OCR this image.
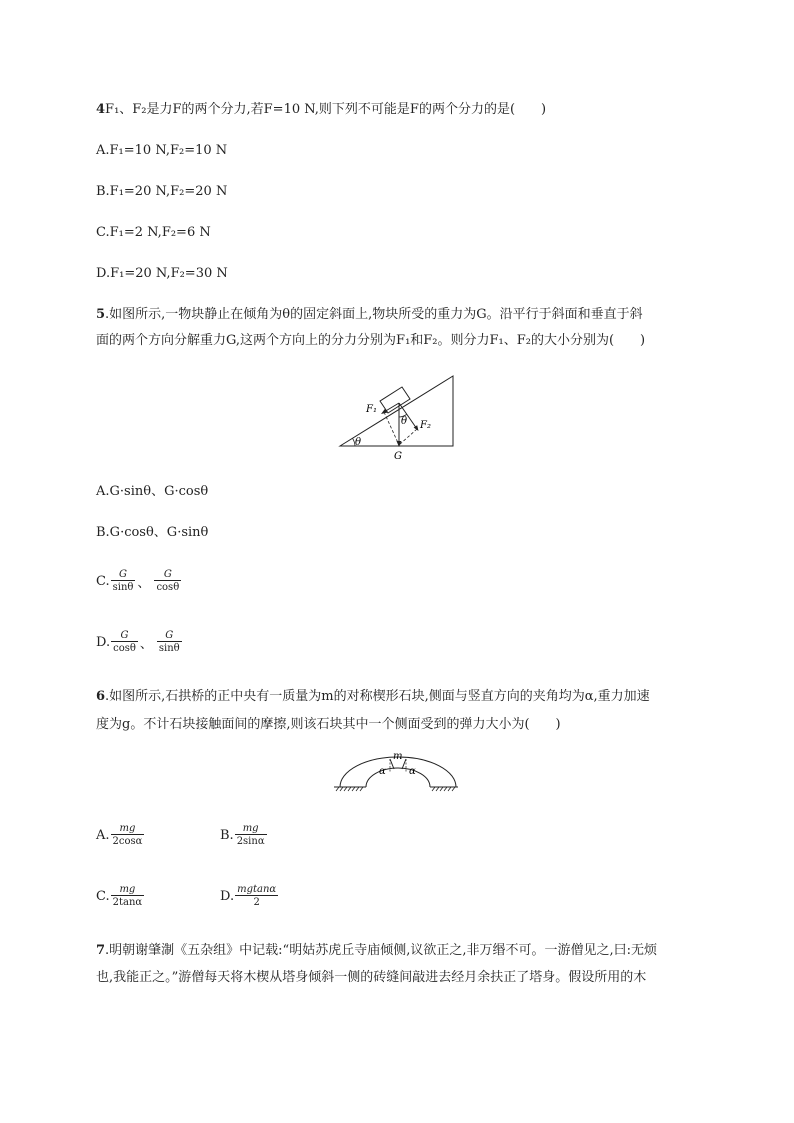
4F₁、F₂是力F的两个分力,若F=10 N,则下列不可能是F的两个分力的是(　　)
A.F₁=10 N,F₂=10 N
B.F₁=20 N,F₂=20 N
C.F₁=2 N,F₂=6 N
D.F₁=20 N,F₂=30 N
5.如图所示,一物块静止在倾角为θ的固定斜面上,物块所受的重力为G。沿平行于斜面和垂直于斜
面的两个方向分解重力G,这两个方向上的分力分别为F₁和F₂。则分力F₁、F₂的大小分别为(　　)
F₁
θ F₂
θ
G
A.G·sinθ、G·cosθ
B.G·cosθ、G·sinθ
C. $\frac{G}{\sin\theta}$ 、 $\frac{G}{\cos\theta}$
D. $\frac{G}{\cos\theta}$ 、 $\frac{G}{\sin\theta}$
6.如图所示,石拱桥的正中央有一质量为m的对称楔形石块,侧面与竖直方向的夹角均为α,重力加速
度为g。不计石块接触面间的摩擦,则该石块其中一个侧面受到的弹力大小为(　　)
m
α α
A. $\frac{mg}{2\cos\alpha}$	B. $\frac{mg}{2\sin\alpha}$
C. $\frac{mg}{2\tan\alpha}$	D. $\frac{mgtan\alpha}{2}$
7.明朝谢肇淛《五杂组》中记载:“明姑苏虎丘寺庙倾侧,议欲正之,非万缗不可。一游僧见之,曰:无烦
也,我能正之。”游僧每天将木楔从塔身倾斜一侧的砖缝间敲进去经月余扶正了塔身。假设所用的木
